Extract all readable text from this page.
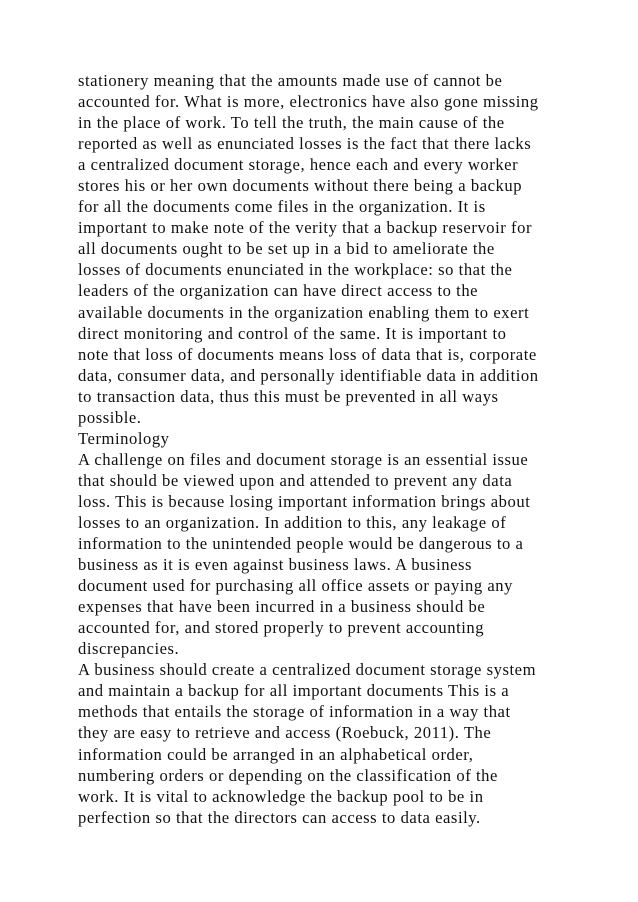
stationery meaning that the amounts made use of cannot be
accounted for. What is more, electronics have also gone missing
in the place of work. To tell the truth, the main cause of the
reported as well as enunciated losses is the fact that there lacks
a centralized document storage, hence each and every worker
stores his or her own documents without there being a backup
for all the documents come files in the organization. It is
important to make note of the verity that a backup reservoir for
all documents ought to be set up in a bid to ameliorate the
losses of documents enunciated in the workplace: so that the
leaders of the organization can have direct access to the
available documents in the organization enabling them to exert
direct monitoring and control of the same. It is important to
note that loss of documents means loss of data that is, corporate
data, consumer data, and personally identifiable data in addition
to transaction data, thus this must be prevented in all ways
possible.
Terminology
A challenge on files and document storage is an essential issue
that should be viewed upon and attended to prevent any data
loss. This is because losing important information brings about
losses to an organization. In addition to this, any leakage of
information to the unintended people would be dangerous to a
business as it is even against business laws. A business
document used for purchasing all office assets or paying any
expenses that have been incurred in a business should be
accounted for, and stored properly to prevent accounting
discrepancies.
A business should create a centralized document storage system
and maintain a backup for all important documents This is a
methods that entails the storage of information in a way that
they are easy to retrieve and access (Roebuck, 2011). The
information could be arranged in an alphabetical order,
numbering orders or depending on the classification of the
work. It is vital to acknowledge the backup pool to be in
perfection so that the directors can access to data easily.
